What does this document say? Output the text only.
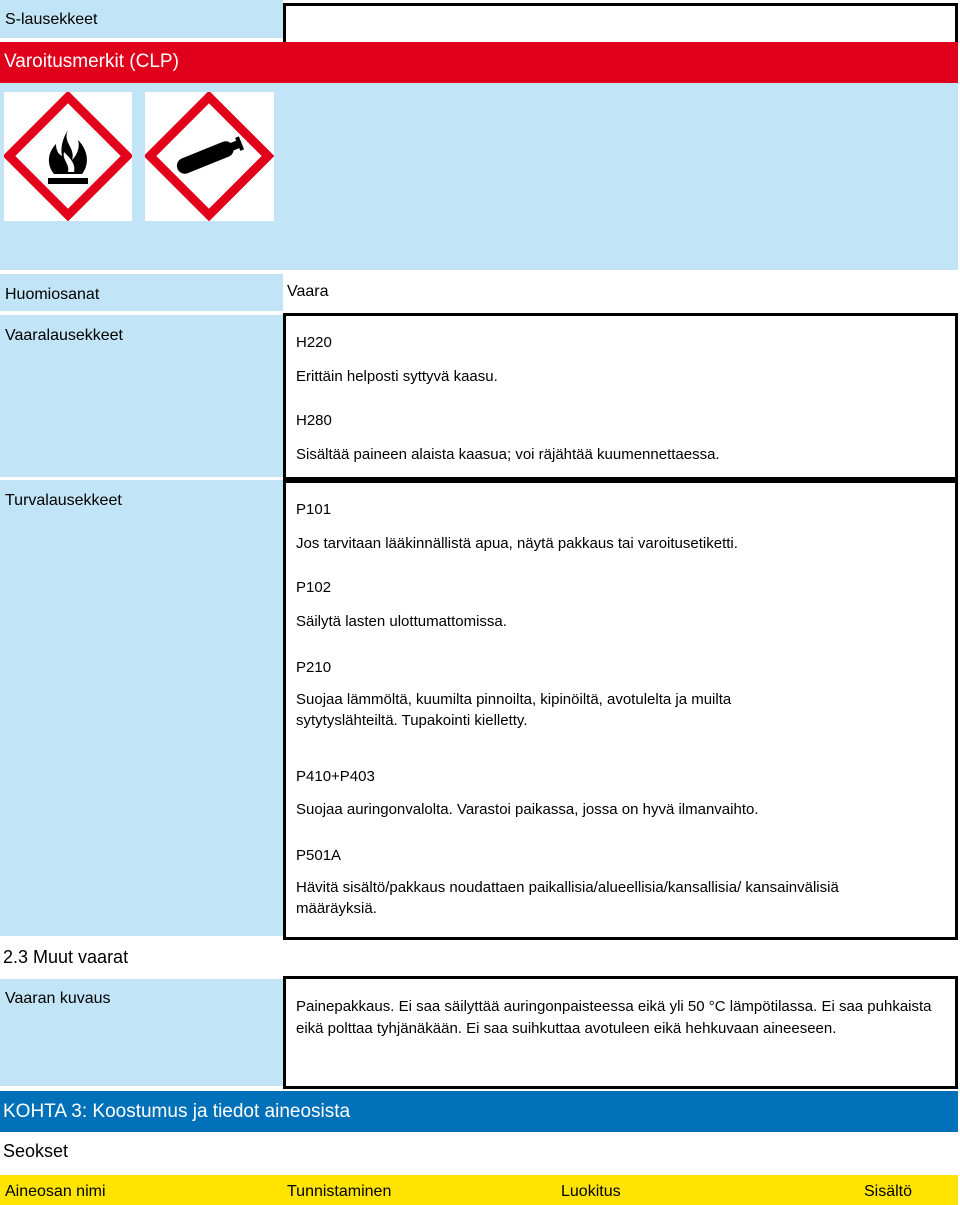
S-lausekkeet
Varoitusmerkit (CLP)
Huomiosanat	Vaara
Vaaralausekkeet	H220
Erittäin helposti syttyvä kaasu.
H280
Sisältää paineen alaista kaasua; voi räjähtää kuumennettaessa.
Turvalausekkeet
P101
Jos tarvitaan lääkinnällistä apua, näytä pakkaus tai varoitusetiketti.
P102
Säilytä lasten ulottumattomissa.
P210
Suojaa lämmöltä, kuumilta pinnoilta, kipinöiltä, avotulelta ja muilta sytytyslähteiltä. Tupakointi kielletty.
P410+P403
Suojaa auringonvalolta. Varastoi paikassa, jossa on hyvä ilmanvaihto.
P501A
Hävitä sisältö/pakkaus noudattaen paikallisia/alueellisia/kansallisia/ kansainvälisiä määräyksiä.
2.3 Muut vaarat
Vaaran kuvaus	Painepakkaus. Ei saa säilyttää auringonpaisteessa eikä yli 50 °C lämpötilassa. Ei saa puhkaista eikä polttaa tyhjänäkään. Ei saa suihkuttaa avotuleen eikä hehkuvaan aineeseen.
KOHTA 3: Koostumus ja tiedot aineosista
Seokset
Aineosan nimi	Tunnistaminen	Luokitus	Sisältö
